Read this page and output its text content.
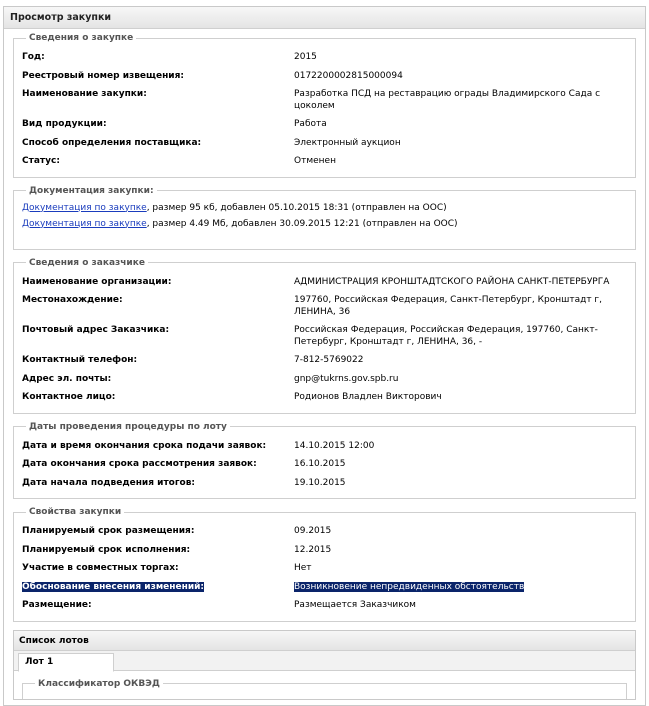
Просмотр закупки
Сведения о закупке
Год:	2015
Реестровый номер извещения:	0172200002815000094
Наименование закупки:	Разработка ПСД на реставрацию ограды Владимирского Сада с цоколем
Вид продукции:	Работа
Способ определения поставщика:	Электронный аукцион
Статус:	Отменен
Документация закупки:
Документация по закупке, размер 95 кб, добавлен 05.10.2015 18:31 (отправлен на ООС)
Документация по закупке, размер 4.49 Мб, добавлен 30.09.2015 12:21 (отправлен на ООС)
Сведения о заказчике
Наименование организации:	АДМИНИСТРАЦИЯ КРОНШТАДТСКОГО РАЙОНА САНКТ-ПЕТЕРБУРГА
Местонахождение:	197760, Российская Федерация, Санкт-Петербург, Кронштадт г, ЛЕНИНА, 36
Почтовый адрес Заказчика:	Российская Федерация, Российская Федерация, 197760, Санкт-Петербург, Кронштадт г, ЛЕНИНА, 36, -
Контактный телефон:	7-812-5769022
Адрес эл. почты:	gnp@tukrns.gov.spb.ru
Контактное лицо:	Родионов Владлен Викторович
Даты проведения процедуры по лоту
Дата и время окончания срока подачи заявок:	14.10.2015 12:00
Дата окончания срока рассмотрения заявок:	16.10.2015
Дата начала подведения итогов:	19.10.2015
Свойства закупки
Планируемый срок размещения:	09.2015
Планируемый срок исполнения:	12.2015
Участие в совместных торгах:	Нет
Обоснование внесения изменений:	Возникновение непредвиденных обстоятельств
Размещение:	Размещается Заказчиком
Список лотов
Лот 1
Классификатор ОКВЭД
